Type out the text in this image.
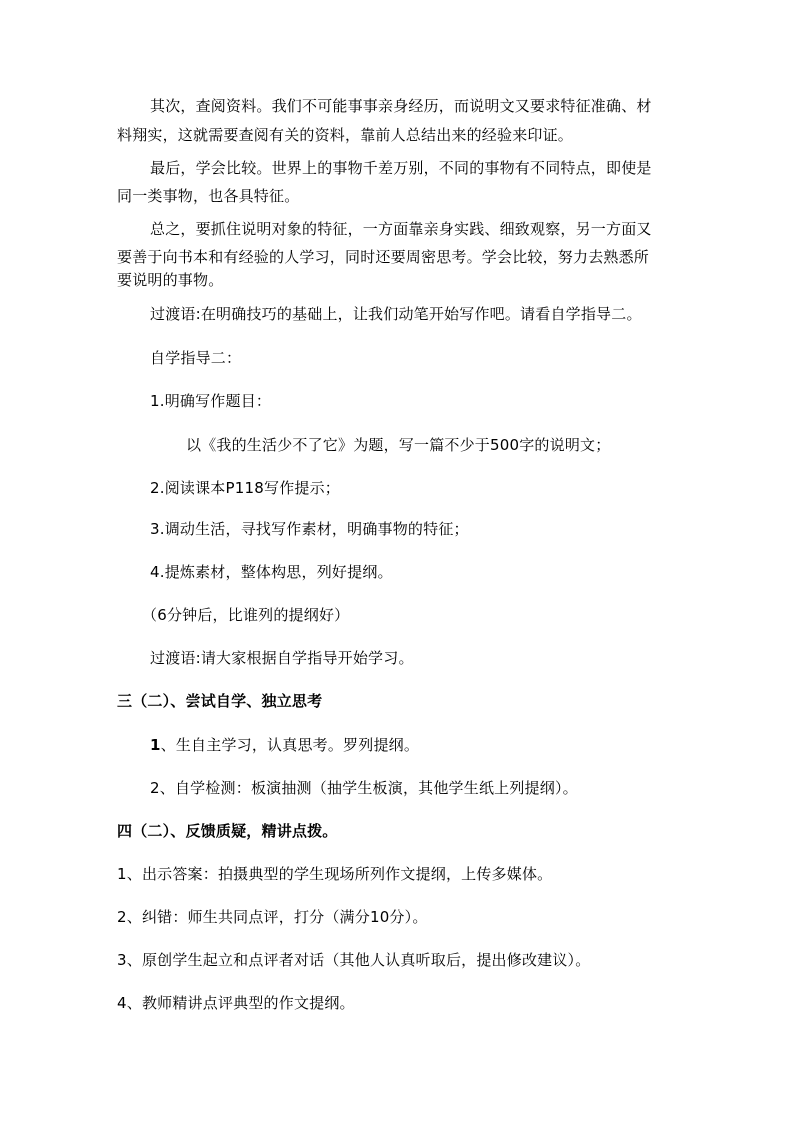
其次，查阅资料。我们不可能事事亲身经历，而说明文又要求特征准确、材
料翔实，这就需要查阅有关的资料，靠前人总结出来的经验来印证。
最后，学会比较。世界上的事物千差万别，不同的事物有不同特点，即使是
同一类事物，也各具特征。
总之，要抓住说明对象的特征，一方面靠亲身实践、细致观察，另一方面又
要善于向书本和有经验的人学习，同时还要周密思考。学会比较，努力去熟悉所
要说明的事物。
过渡语:在明确技巧的基础上，让我们动笔开始写作吧。请看自学指导二。
自学指导二：
1.明确写作题目：
以《我的生活少不了它》为题，写一篇不少于500字的说明文；
2.阅读课本P118写作提示；
3.调动生活，寻找写作素材，明确事物的特征；
4.提炼素材，整体构思，列好提纲。
（6分钟后，比谁列的提纲好）
过渡语:请大家根据自学指导开始学习。
三（二）、尝试自学、独立思考
1、生自主学习，认真思考。罗列提纲。
2、自学检测：板演抽测（抽学生板演，其他学生纸上列提纲）。
四（二）、反馈质疑，精讲点拨。
1、出示答案：拍摄典型的学生现场所列作文提纲，上传多媒体。
2、纠错：师生共同点评，打分（满分10分）。
3、原创学生起立和点评者对话（其他人认真听取后，提出修改建议）。
4、教师精讲点评典型的作文提纲。
